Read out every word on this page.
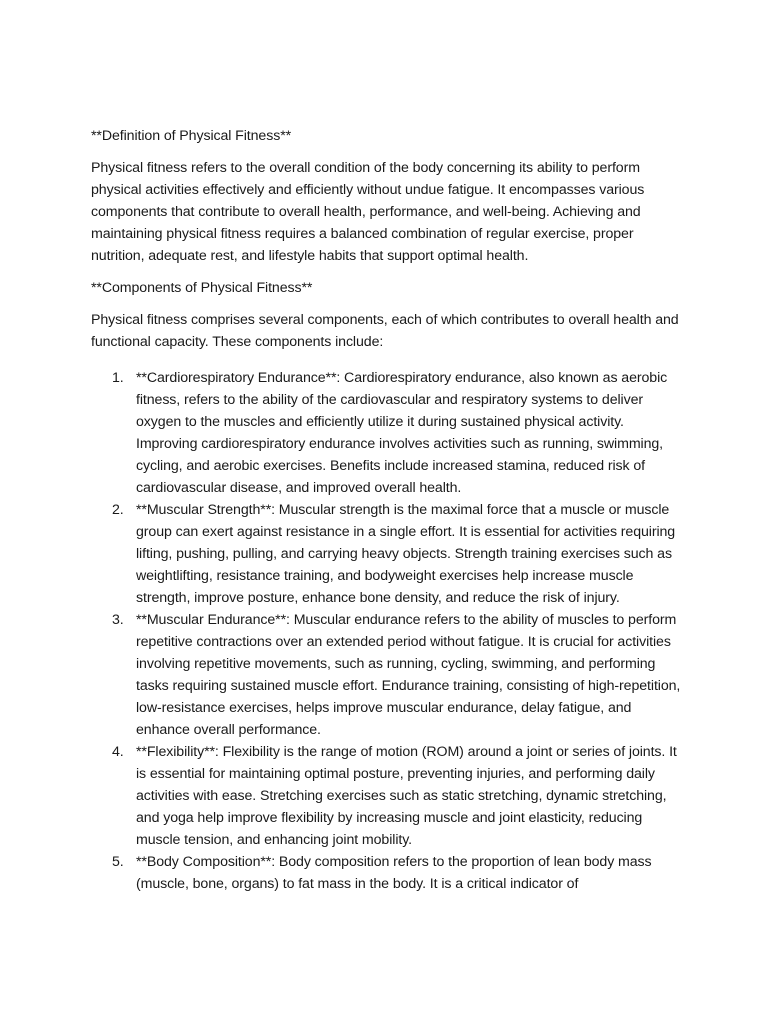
**Definition of Physical Fitness**
Physical fitness refers to the overall condition of the body concerning its ability to perform physical activities effectively and efficiently without undue fatigue. It encompasses various components that contribute to overall health, performance, and well-being. Achieving and maintaining physical fitness requires a balanced combination of regular exercise, proper nutrition, adequate rest, and lifestyle habits that support optimal health.
**Components of Physical Fitness**
Physical fitness comprises several components, each of which contributes to overall health and functional capacity. These components include:
1. **Cardiorespiratory Endurance**: Cardiorespiratory endurance, also known as aerobic fitness, refers to the ability of the cardiovascular and respiratory systems to deliver oxygen to the muscles and efficiently utilize it during sustained physical activity. Improving cardiorespiratory endurance involves activities such as running, swimming, cycling, and aerobic exercises. Benefits include increased stamina, reduced risk of cardiovascular disease, and improved overall health.
2. **Muscular Strength**: Muscular strength is the maximal force that a muscle or muscle group can exert against resistance in a single effort. It is essential for activities requiring lifting, pushing, pulling, and carrying heavy objects. Strength training exercises such as weightlifting, resistance training, and bodyweight exercises help increase muscle strength, improve posture, enhance bone density, and reduce the risk of injury.
3. **Muscular Endurance**: Muscular endurance refers to the ability of muscles to perform repetitive contractions over an extended period without fatigue. It is crucial for activities involving repetitive movements, such as running, cycling, swimming, and performing tasks requiring sustained muscle effort. Endurance training, consisting of high-repetition, low-resistance exercises, helps improve muscular endurance, delay fatigue, and enhance overall performance.
4. **Flexibility**: Flexibility is the range of motion (ROM) around a joint or series of joints. It is essential for maintaining optimal posture, preventing injuries, and performing daily activities with ease. Stretching exercises such as static stretching, dynamic stretching, and yoga help improve flexibility by increasing muscle and joint elasticity, reducing muscle tension, and enhancing joint mobility.
5. **Body Composition**: Body composition refers to the proportion of lean body mass (muscle, bone, organs) to fat mass in the body. It is a critical indicator of
